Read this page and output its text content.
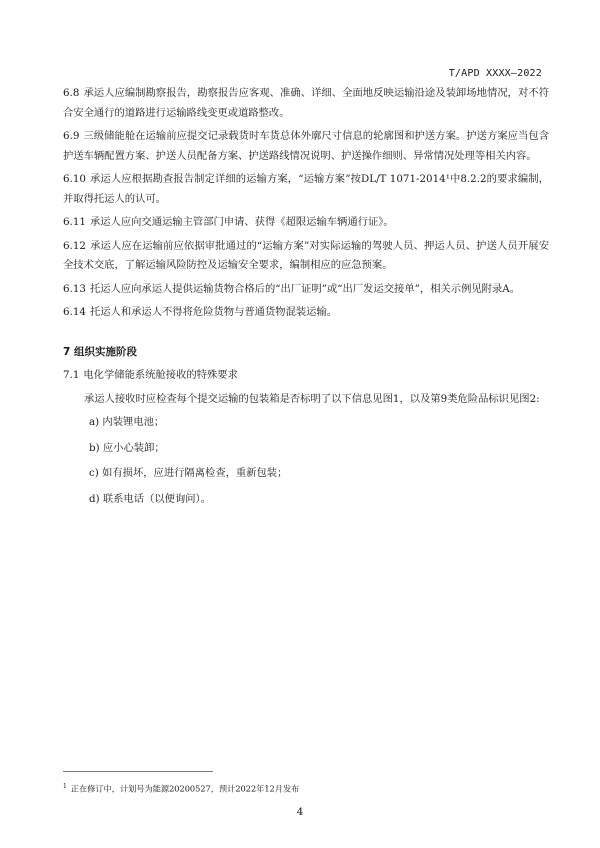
T/APD XXXX—2022

6.8 承运人应编制勘察报告，勘察报告应客观、准确、详细、全面地反映运输沿途及装卸场地情况，对不符合安全通行的道路进行运输路线变更或道路整改。

6.9 三级储能舱在运输前应提交记录载货时车货总体外廓尺寸信息的轮廓图和护送方案。护送方案应当包含护送车辆配置方案、护送人员配备方案、护送路线情况说明、护送操作细则、异常情况处理等相关内容。

6.10 承运人应根据勘查报告制定详细的运输方案，“运输方案”按DL/T 1071-2014¹中8.2.2的要求编制，并取得托运人的认可。

6.11 承运人应向交通运输主管部门申请、获得《超限运输车辆通行证》。

6.12 承运人应在运输前应依据审批通过的“运输方案”对实际运输的驾驶人员、押运人员、护送人员开展安全技术交底，了解运输风险防控及运输安全要求，编制相应的应急预案。

6.13 托运人应向承运人提供运输货物合格后的“出厂证明”或“出厂发运交接单”，相关示例见附录A。

6.14 托运人和承运人不得将危险货物与普通货物混装运输。

7 组织实施阶段

7.1 电化学储能系统舱接收的特殊要求

承运人接收时应检查每个提交运输的包装箱是否标明了以下信息见图1，以及第9类危险品标识见图2:

a) 内装锂电池；

b) 应小心装卸；

c) 如有损坏，应进行隔离检查，重新包装；

d) 联系电话（以便询问）。

$^1$ 正在修订中，计划号为能源20200527，预计2022年12月发布
4
